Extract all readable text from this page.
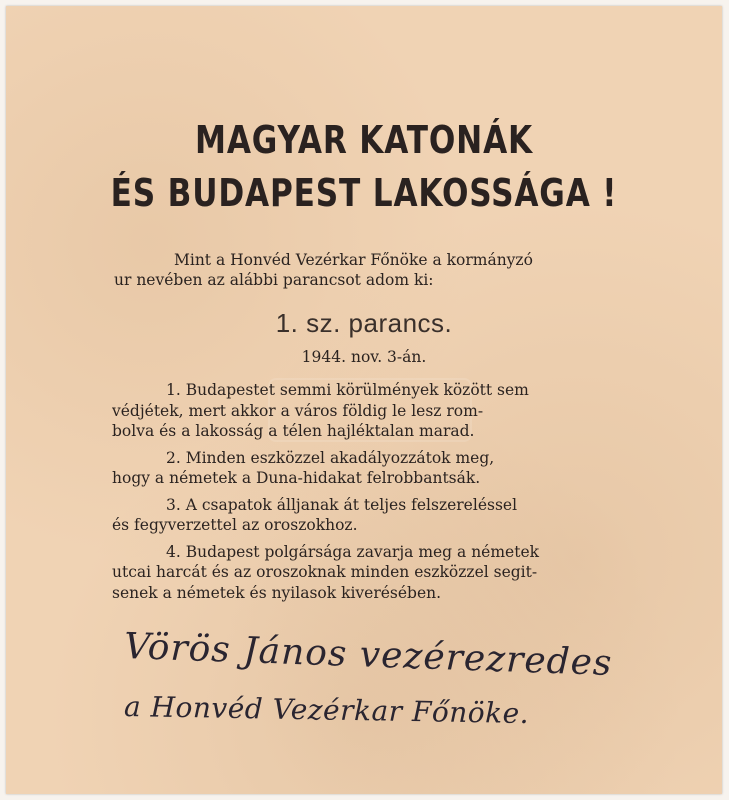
MAGYAR KATONÁK
ÉS BUDAPEST LAKOSSÁGA !
Mint a Honvéd Vezérkar Főnöke a kormányzó
ur nevében az alábbi parancsot adom ki:
1. sz. parancs.
1944. nov. 3-án.
1. Budapestet semmi körülmények között sem
védjétek, mert akkor a város földig le lesz rom-
bolva és a lakosság a télen hajléktalan marad.
2. Minden eszközzel akadályozzátok meg,
hogy a németek a Duna-hidakat felrobbantsák.
3. A csapatok álljanak át teljes felszereléssel
és fegyverzettel az oroszokhoz.
4. Budapest polgársága zavarja meg a németek
utcai harcát és az oroszoknak minden eszközzel segit-
senek a németek és nyilasok kiverésében.
Vörös János vezérezredes
a Honvéd Vezérkar Főnöke.
